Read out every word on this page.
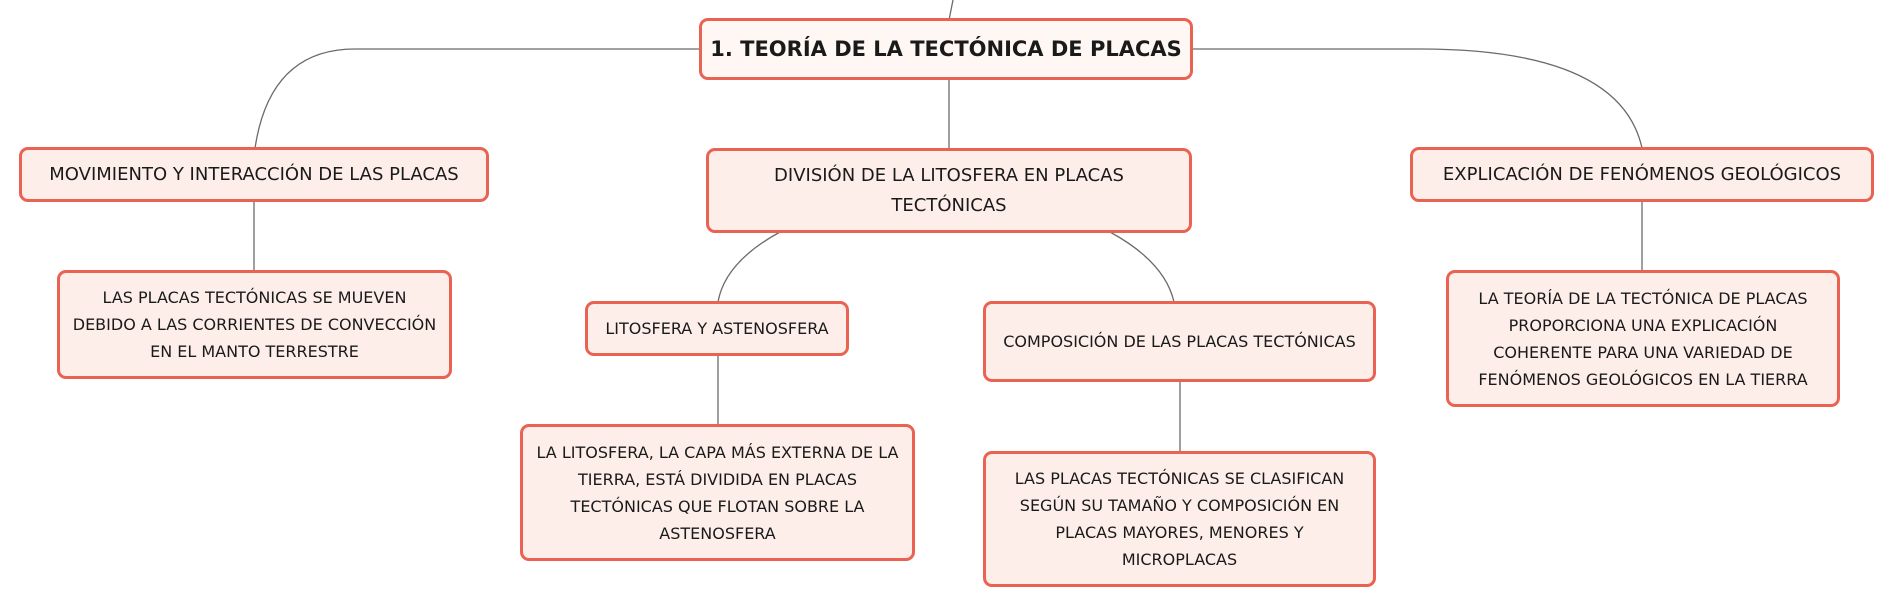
1. TEORÍA DE LA TECTÓNICA DE PLACAS
MOVIMIENTO Y INTERACCIÓN DE LAS PLACAS	DIVISIÓN DE LA LITOSFERA EN PLACAS TECTÓNICAS
EXPLICACIÓN DE FENÓMENOS GEOLÓGICOS
LAS PLACAS TECTÓNICAS SE MUEVEN DEBIDO A LAS CORRIENTES DE CONVECCIÓN EN EL MANTO TERRESTRE
LITOSFERA Y ASTENOSFERA
COMPOSICIÓN DE LAS PLACAS TECTÓNICAS
LA LITOSFERA, LA CAPA MÁS EXTERNA DE LA TIERRA, ESTÁ DIVIDIDA EN PLACAS TECTÓNICAS QUE FLOTAN SOBRE LA ASTENOSFERA
LAS PLACAS TECTÓNICAS SE CLASIFICAN SEGÚN SU TAMAÑO Y COMPOSICIÓN EN PLACAS MAYORES, MENORES Y MICROPLACAS
LA TEORÍA DE LA TECTÓNICA DE PLACAS PROPORCIONA UNA EXPLICACIÓN COHERENTE PARA UNA VARIEDAD DE FENÓMENOS GEOLÓGICOS EN LA TIERRA
